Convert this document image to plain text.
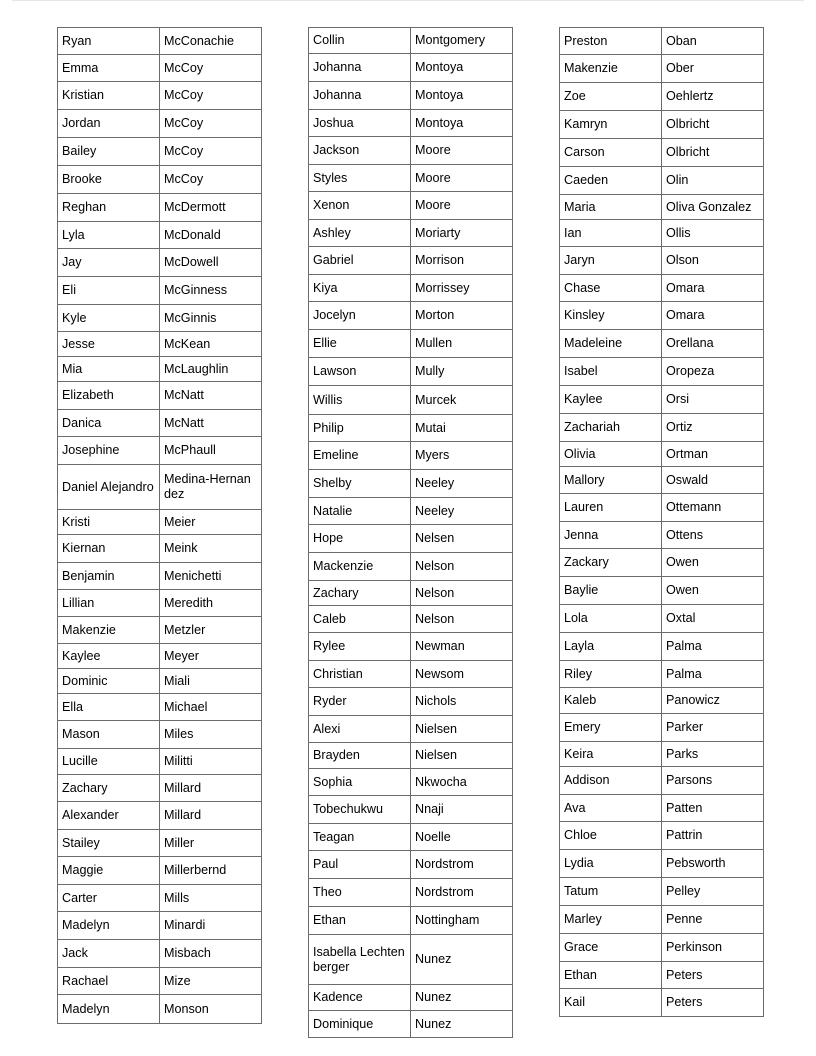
Ryan	McConachie
Emma	McCoy
Kristian	McCoy
Jordan	McCoy
Bailey	McCoy
Brooke	McCoy
Reghan	McDermott
Lyla	McDonald
Jay	McDowell
Eli	McGinness
Kyle	McGinnis
Jesse	McKean
Mia	McLaughlin
Elizabeth	McNatt
Danica	McNatt
Josephine	McPhaull
Daniel Alejandro	Medina-Hernandez
Kristi	Meier
Kiernan	Meink
Benjamin	Menichetti
Lillian	Meredith
Makenzie	Metzler
Kaylee	Meyer
Dominic	Miali
Ella	Michael
Mason	Miles
Lucille	Militti
Zachary	Millard
Alexander	Millard
Stailey	Miller
Maggie	Millerbernd
Carter	Mills
Madelyn	Minardi
Jack	Misbach
Rachael	Mize
Madelyn	Monson
Collin	Montgomery
Johanna	Montoya
Johanna	Montoya
Joshua	Montoya
Jackson	Moore
Styles	Moore
Xenon	Moore
Ashley	Moriarty
Gabriel	Morrison
Kiya	Morrissey
Jocelyn	Morton
Ellie	Mullen
Lawson	Mully
Willis	Murcek
Philip	Mutai
Emeline	Myers
Shelby	Neeley
Natalie	Neeley
Hope	Nelsen
Mackenzie	Nelson
Zachary	Nelson
Caleb	Nelson
Rylee	Newman
Christian	Newsom
Ryder	Nichols
Alexi	Nielsen
Brayden	Nielsen
Sophia	Nkwocha
Tobechukwu	Nnaji
Teagan	Noelle
Paul	Nordstrom
Theo	Nordstrom
Ethan	Nottingham
Isabella Lechtenberger	Nunez
Kadence	Nunez
Dominique	Nunez
Preston	Oban
Makenzie	Ober
Zoe	Oehlertz
Kamryn	Olbricht
Carson	Olbricht
Caeden	Olin
Maria	Oliva Gonzalez
Ian	Ollis
Jaryn	Olson
Chase	Omara
Kinsley	Omara
Madeleine	Orellana
Isabel	Oropeza
Kaylee	Orsi
Zachariah	Ortiz
Olivia	Ortman
Mallory	Oswald
Lauren	Ottemann
Jenna	Ottens
Zackary	Owen
Baylie	Owen
Lola	Oxtal
Layla	Palma
Riley	Palma
Kaleb	Panowicz
Emery	Parker
Keira	Parks
Addison	Parsons
Ava	Patten
Chloe	Pattrin
Lydia	Pebsworth
Tatum	Pelley
Marley	Penne
Grace	Perkinson
Ethan	Peters
Kail	Peters
